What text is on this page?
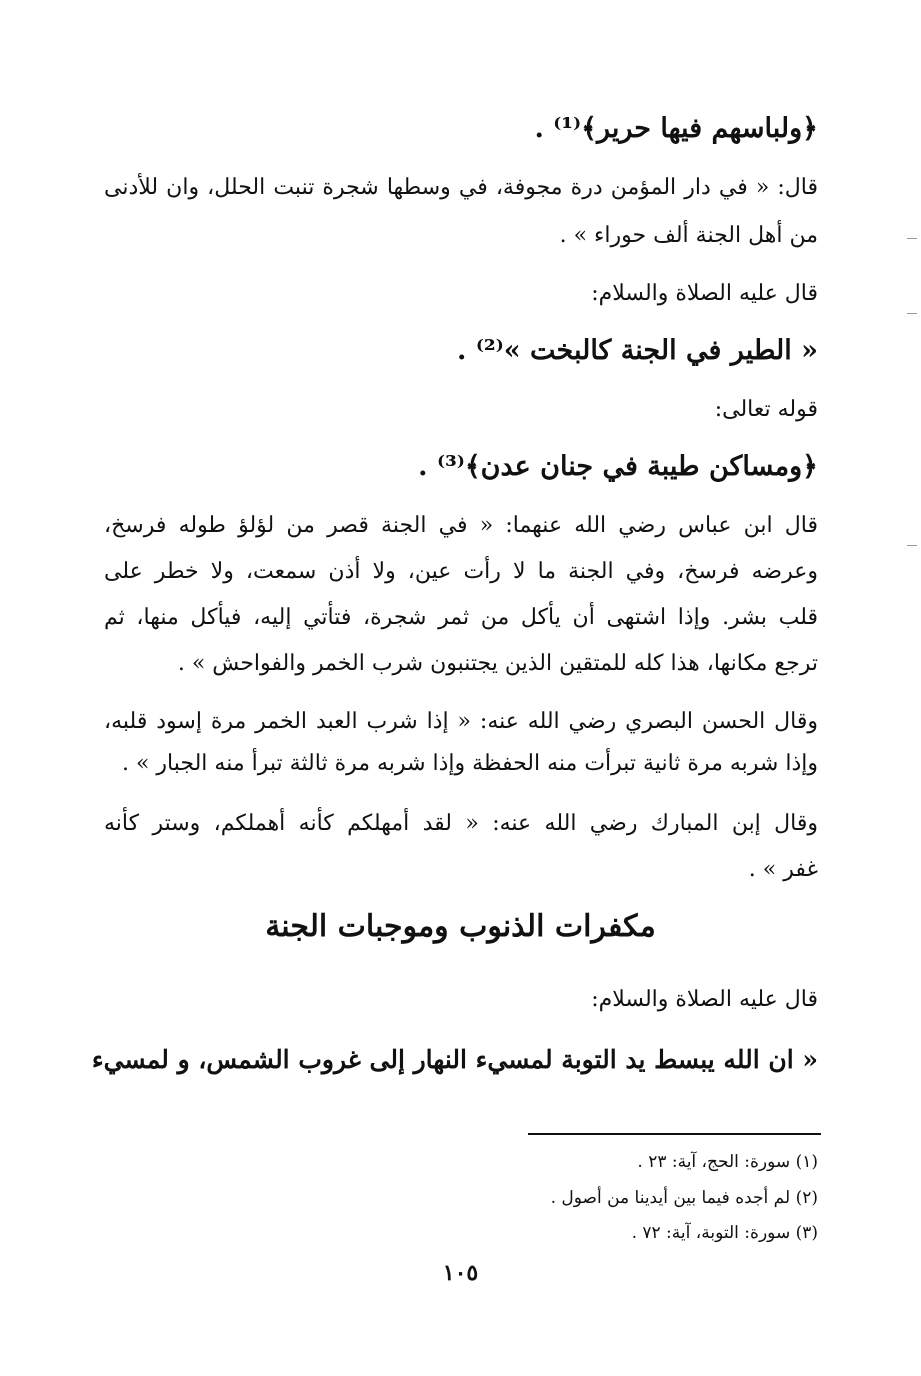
﴿ولباسهم فيها حرير﴾⁽¹⁾ .
قال: « في دار المؤمن درة مجوفة، في وسطها شجرة تنبت الحلل، وان للأدنى
من أهل الجنة ألف حوراء » .
قال عليه الصلاة والسلام:
« الطير في الجنة كالبخت »⁽²⁾ .
قوله تعالى:
﴿ومساكن طيبة في جنان عدن﴾⁽³⁾ .
قال ابن عباس رضي الله عنهما: « في الجنة قصر من لؤلؤ طوله فرسخ،
وعرضه فرسخ، وفي الجنة ما لا رأت عين، ولا أذن سمعت، ولا خطر على
قلب بشر. وإذا اشتهى أن يأكل من ثمر شجرة، فتأتي إليه، فيأكل منها، ثم
ترجع مكانها، هذا كله للمتقين الذين يجتنبون شرب الخمر والفواحش » .
وقال الحسن البصري رضي الله عنه: « إذا شرب العبد الخمر مرة إسود قلبه،
وإذا شربه مرة ثانية تبرأت منه الحفظة وإذا شربه مرة ثالثة تبرأ منه الجبار » .
وقال إبن المبارك رضي الله عنه: « لقد أمهلكم كأنه أهملكم، وستر كأنه
غفر » .
مكفرات الذنوب وموجبات الجنة
قال عليه الصلاة والسلام:
« ان الله يبسط يد التوبة لمسيء النهار إلى غروب الشمس، و لمسيء
(١) سورة: الحج، آية: ٢٣ .
(٢) لم أجده فيما بين أيدينا من أصول .
(٣) سورة: التوبة، آية: ٧٢ .
١٠٥
